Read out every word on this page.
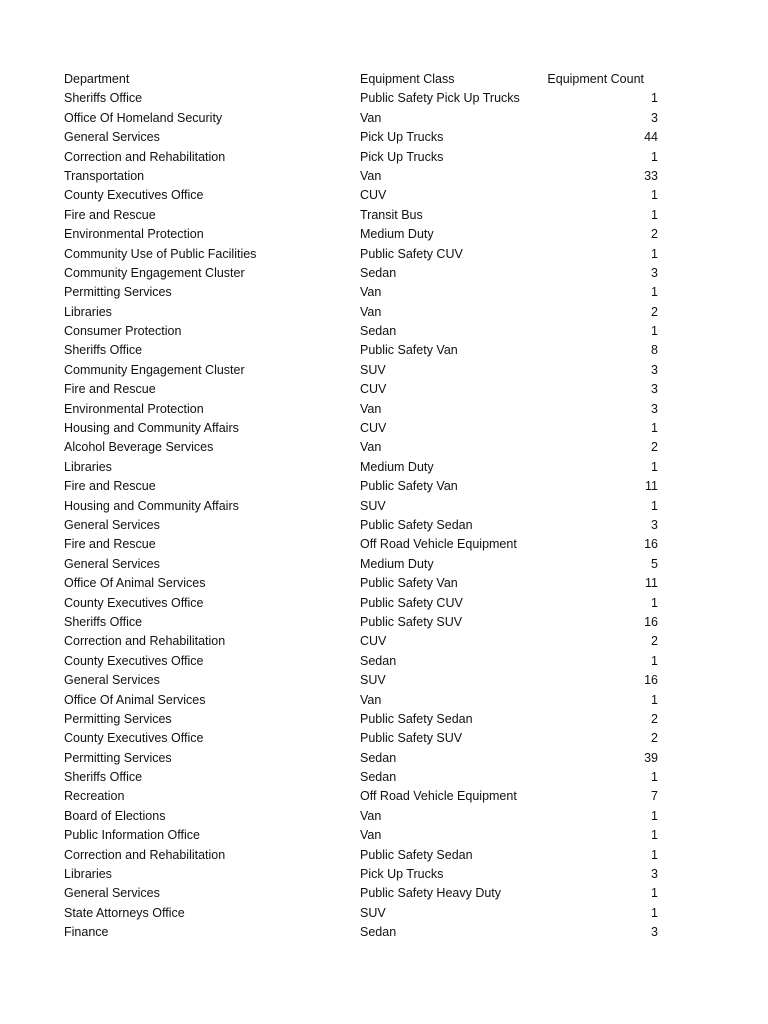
Department	Equipment Class	Equipment Count
Sheriffs Office	Public Safety Pick Up Trucks	1
Office Of Homeland Security	Van	3
General Services	Pick Up Trucks	44
Correction and Rehabilitation	Pick Up Trucks	1
Transportation	Van	33
County Executives Office	CUV	1
Fire and Rescue	Transit Bus	1
Environmental Protection	Medium Duty	2
Community Use of Public Facilities	Public Safety CUV	1
Community Engagement Cluster	Sedan	3
Permitting Services	Van	1
Libraries	Van	2
Consumer Protection	Sedan	1
Sheriffs Office	Public Safety Van	8
Community Engagement Cluster	SUV	3
Fire and Rescue	CUV	3
Environmental Protection	Van	3
Housing and Community Affairs	CUV	1
Alcohol Beverage Services	Van	2
Libraries	Medium Duty	1
Fire and Rescue	Public Safety Van	11
Housing and Community Affairs	SUV	1
General Services	Public Safety Sedan	3
Fire and Rescue	Off Road Vehicle Equipment	16
General Services	Medium Duty	5
Office Of Animal Services	Public Safety Van	11
County Executives Office	Public Safety CUV	1
Sheriffs Office	Public Safety SUV	16
Correction and Rehabilitation	CUV	2
County Executives Office	Sedan	1
General Services	SUV	16
Office Of Animal Services	Van	1
Permitting Services	Public Safety Sedan	2
County Executives Office	Public Safety SUV	2
Permitting Services	Sedan	39
Sheriffs Office	Sedan	1
Recreation	Off Road Vehicle Equipment	7
Board of Elections	Van	1
Public Information Office	Van	1
Correction and Rehabilitation	Public Safety Sedan	1
Libraries	Pick Up Trucks	3
General Services	Public Safety Heavy Duty	1
State Attorneys Office	SUV	1
Finance	Sedan	3
